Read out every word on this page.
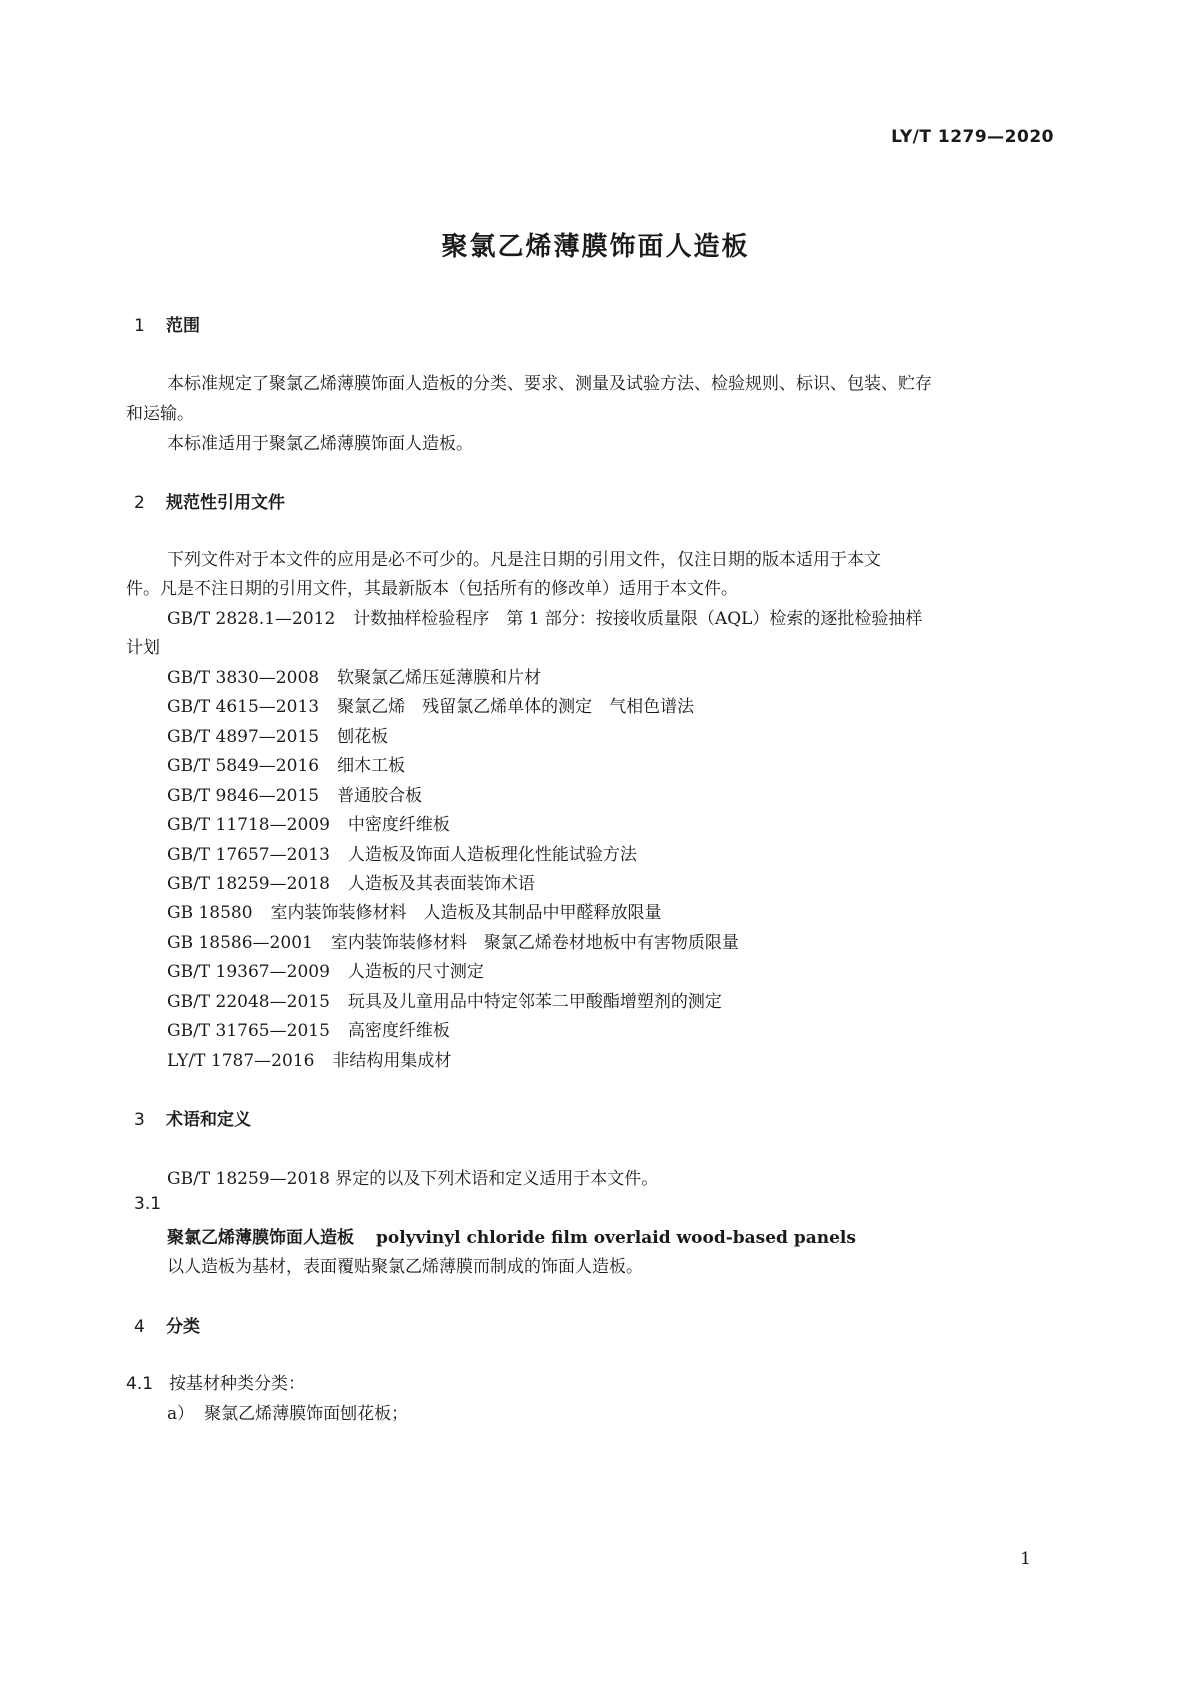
LY/T 1279—2020
聚氯乙烯薄膜饰面人造板
1 范围
本标准规定了聚氯乙烯薄膜饰面人造板的分类、要求、测量及试验方法、检验规则、标识、包装、贮存
和运输。
本标准适用于聚氯乙烯薄膜饰面人造板。
2 规范性引用文件
下列文件对于本文件的应用是必不可少的。凡是注日期的引用文件，仅注日期的版本适用于本文
件。凡是不注日期的引用文件，其最新版本（包括所有的修改单）适用于本文件。
GB/T 2828.1—2012 计数抽样检验程序　第 1 部分：按接收质量限（AQL）检索的逐批检验抽样
计划
GB/T 3830—2008 软聚氯乙烯压延薄膜和片材
GB/T 4615—2013 聚氯乙烯　残留氯乙烯单体的测定　气相色谱法
GB/T 4897—2015 刨花板
GB/T 5849—2016 细木工板
GB/T 9846—2015 普通胶合板
GB/T 11718—2009 中密度纤维板
GB/T 17657—2013 人造板及饰面人造板理化性能试验方法
GB/T 18259—2018 人造板及其表面装饰术语
GB 18580 室内装饰装修材料　人造板及其制品中甲醛释放限量
GB 18586—2001 室内装饰装修材料　聚氯乙烯卷材地板中有害物质限量
GB/T 19367—2009 人造板的尺寸测定
GB/T 22048—2015 玩具及儿童用品中特定邻苯二甲酸酯增塑剂的测定
GB/T 31765—2015 高密度纤维板
LY/T 1787—2016 非结构用集成材
3 术语和定义
GB/T 18259—2018 界定的以及下列术语和定义适用于本文件。
3.1
聚氯乙烯薄膜饰面人造板 polyvinyl chloride film overlaid wood-based panels
以人造板为基材，表面覆贴聚氯乙烯薄膜而制成的饰面人造板。
4 分类
4.1 按基材种类分类：
a） 聚氯乙烯薄膜饰面刨花板；
1
